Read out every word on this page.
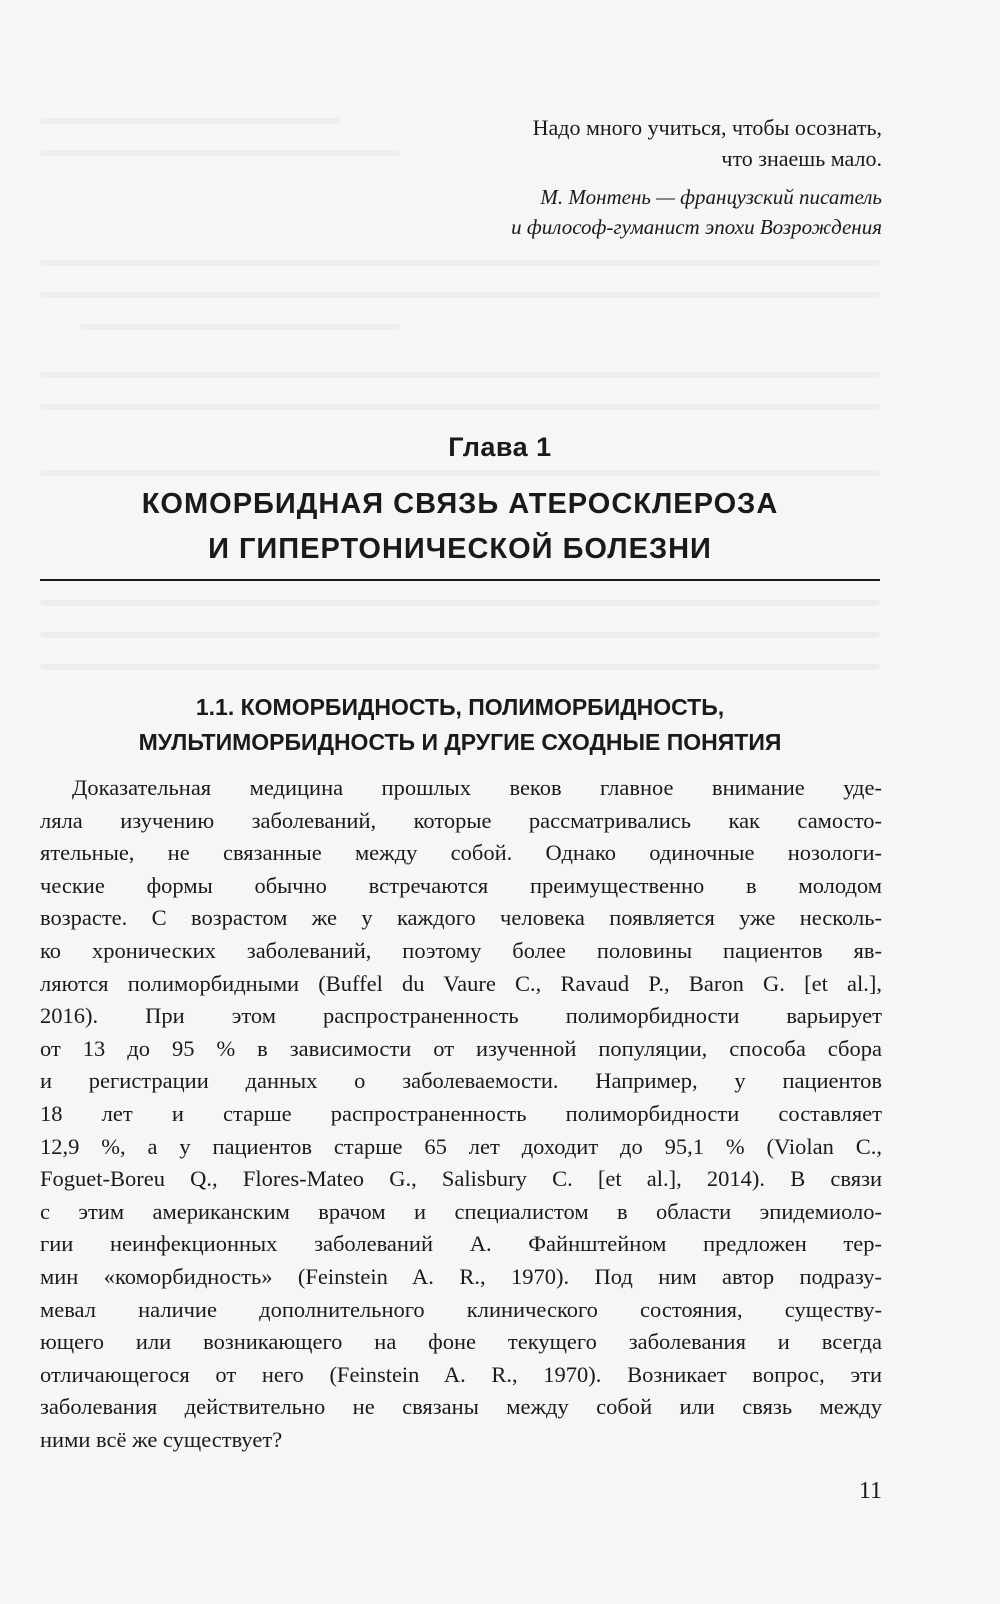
Надо много учиться, чтобы осознать,
что знаешь мало.

М. Монтень — французский писатель
и философ-гуманист эпохи Возрождения
Глава 1
КОМОРБИДНАЯ СВЯЗЬ АТЕРОСКЛЕРОЗА
И ГИПЕРТОНИЧЕСКОЙ БОЛЕЗНИ
1.1. КОМОРБИДНОСТЬ, ПОЛИМОРБИДНОСТЬ,
МУЛЬТИМОРБИДНОСТЬ И ДРУГИЕ СХОДНЫЕ ПОНЯТИЯ
Доказательная медицина прошлых веков главное внимание уде-
ляла изучению заболеваний, которые рассматривались как самосто-
ятельные, не связанные между собой. Однако одиночные нозологи-
ческие формы обычно встречаются преимущественно в молодом
возрасте. С возрастом же у каждого человека появляется уже несколь-
ко хронических заболеваний, поэтому более половины пациентов яв-
ляются полиморбидными (Buffel du Vaure C., Ravaud P., Baron G. [et al.],
2016). При этом распространенность полиморбидности варьирует
от 13 до 95 % в зависимости от изученной популяции, способа сбора
и регистрации данных о заболеваемости. Например, у пациентов
18 лет и старше распространенность полиморбидности составляет
12,9 %, а у пациентов старше 65 лет доходит до 95,1 % (Violan C.,
Foguet-Boreu Q., Flores-Mateo G., Salisbury C. [et al.], 2014). В связи
с этим американским врачом и специалистом в области эпидемиоло-
гии неинфекционных заболеваний А. Файнштейном предложен тер-
мин «коморбидность» (Feinstein A. R., 1970). Под ним автор подразу-
мевал наличие дополнительного клинического состояния, существу-
ющего или возникающего на фоне текущего заболевания и всегда
отличающегося от него (Feinstein A. R., 1970). Возникает вопрос, эти
заболевания действительно не связаны между собой или связь между
ними всё же существует?
11
